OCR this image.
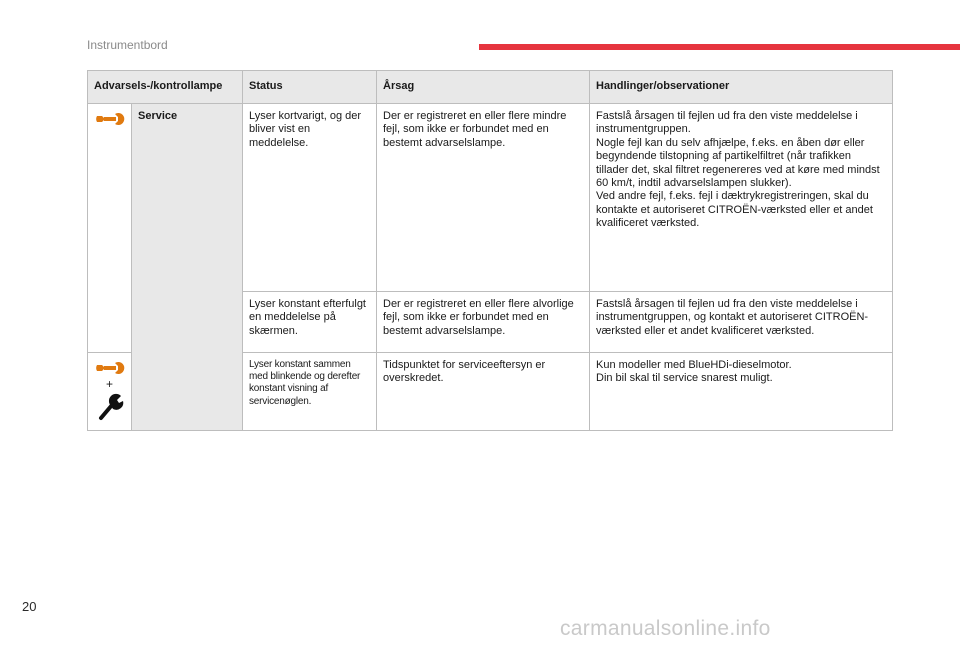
Instrumentbord
Advarsels-/kontrollampe		Status	Årsag	Handlinger/observationer

	Service	Lyser kortvarigt, og der bliver vist en meddelelse.	Der er registreret en eller flere mindre fejl, som ikke er forbundet med en bestemt advarselslampe.	Fastslå årsagen til fejlen ud fra den viste meddelelse i instrumentgruppen.
Nogle fejl kan du selv afhjælpe, f.eks. en åben dør eller begyndende tilstopning af partikelfiltret (når trafikken tillader det, skal filtret regenereres ved at køre med mindst 60 km/t, indtil advarselslampen slukker).
Ved andre fejl, f.eks. fejl i dæktrykregistreringen, skal du kontakte et autoriseret CITROËN-værksted eller et andet kvalificeret værksted.

		Lyser konstant efterfulgt en meddelelse på skærmen.	Der er registreret en eller flere alvorlige fejl, som ikke er forbundet med en bestemt advarselslampe.	Fastslå årsagen til fejlen ud fra den viste meddelelse i instrumentgruppen, og kontakt et autoriseret CITROËN-værksted eller et andet kvalificeret værksted.

+		Lyser konstant sammen med blinkende og derefter konstant visning af servicenøglen.	Tidspunktet for serviceeftersyn er overskredet.	Kun modeller med BlueHDi-dieselmotor.
Din bil skal til service snarest muligt.
20
carmanualsonline.info
